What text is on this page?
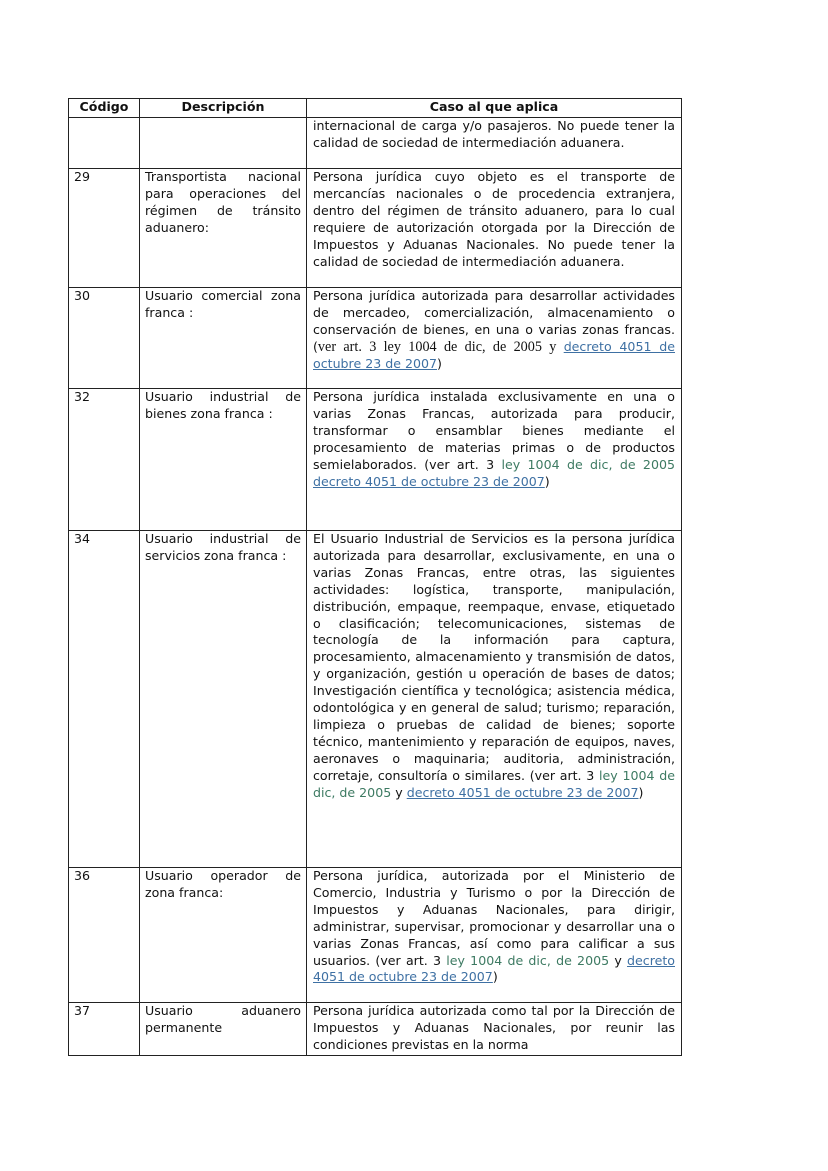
Código	Descripción	Caso al que aplica
		internacional de carga y/o pasajeros. No puede tener la calidad de sociedad de intermediación aduanera.
29	Transportista nacional para operaciones del régimen de tránsito aduanero:	Persona jurídica cuyo objeto es el transporte de mercancías nacionales o de procedencia extranjera, dentro del régimen de tránsito aduanero, para lo cual requiere de autorización otorgada por la Dirección de Impuestos y Aduanas Nacionales. No puede tener la calidad de sociedad de intermediación aduanera.
30	Usuario comercial zona franca :	Persona jurídica autorizada para desarrollar actividades de mercadeo, comercialización, almacenamiento o conservación de bienes, en una o varias zonas francas. (ver art. 3 ley 1004 de dic, de 2005 y decreto 4051 de octubre 23 de 2007)
32	Usuario industrial de bienes zona franca :	Persona jurídica instalada exclusivamente en una o varias Zonas Francas, autorizada para producir, transformar o ensamblar bienes mediante el procesamiento de materias primas o de productos semielaborados. (ver art. 3 ley 1004 de dic, de 2005 decreto 4051 de octubre 23 de 2007)
34	Usuario industrial de servicios zona franca :	El Usuario Industrial de Servicios es la persona jurídica autorizada para desarrollar, exclusivamente, en una o varias Zonas Francas, entre otras, las siguientes actividades: logística, transporte, manipulación, distribución, empaque, reempaque, envase, etiquetado o clasificación; telecomunicaciones, sistemas de tecnología de la información para captura, procesamiento, almacenamiento y transmisión de datos, y organización, gestión u operación de bases de datos; Investigación científica y tecnológica; asistencia médica, odontológica y en general de salud; turismo; reparación, limpieza o pruebas de calidad de bienes; soporte técnico, mantenimiento y reparación de equipos, naves, aeronaves o maquinaria; auditoria, administración, corretaje, consultoría o similares. (ver art. 3 ley 1004 de dic, de 2005 y decreto 4051 de octubre 23 de 2007)
36	Usuario operador de zona franca:	Persona jurídica, autorizada por el Ministerio de Comercio, Industria y Turismo o por la Dirección de Impuestos y Aduanas Nacionales, para dirigir, administrar, supervisar, promocionar y desarrollar una o varias Zonas Francas, así como para calificar a sus usuarios. (ver art. 3 ley 1004 de dic, de 2005 y decreto 4051 de octubre 23 de 2007)
37	Usuario aduanero permanente	Persona jurídica autorizada como tal por la Dirección de Impuestos y Aduanas Nacionales, por reunir las condiciones previstas en la norma
